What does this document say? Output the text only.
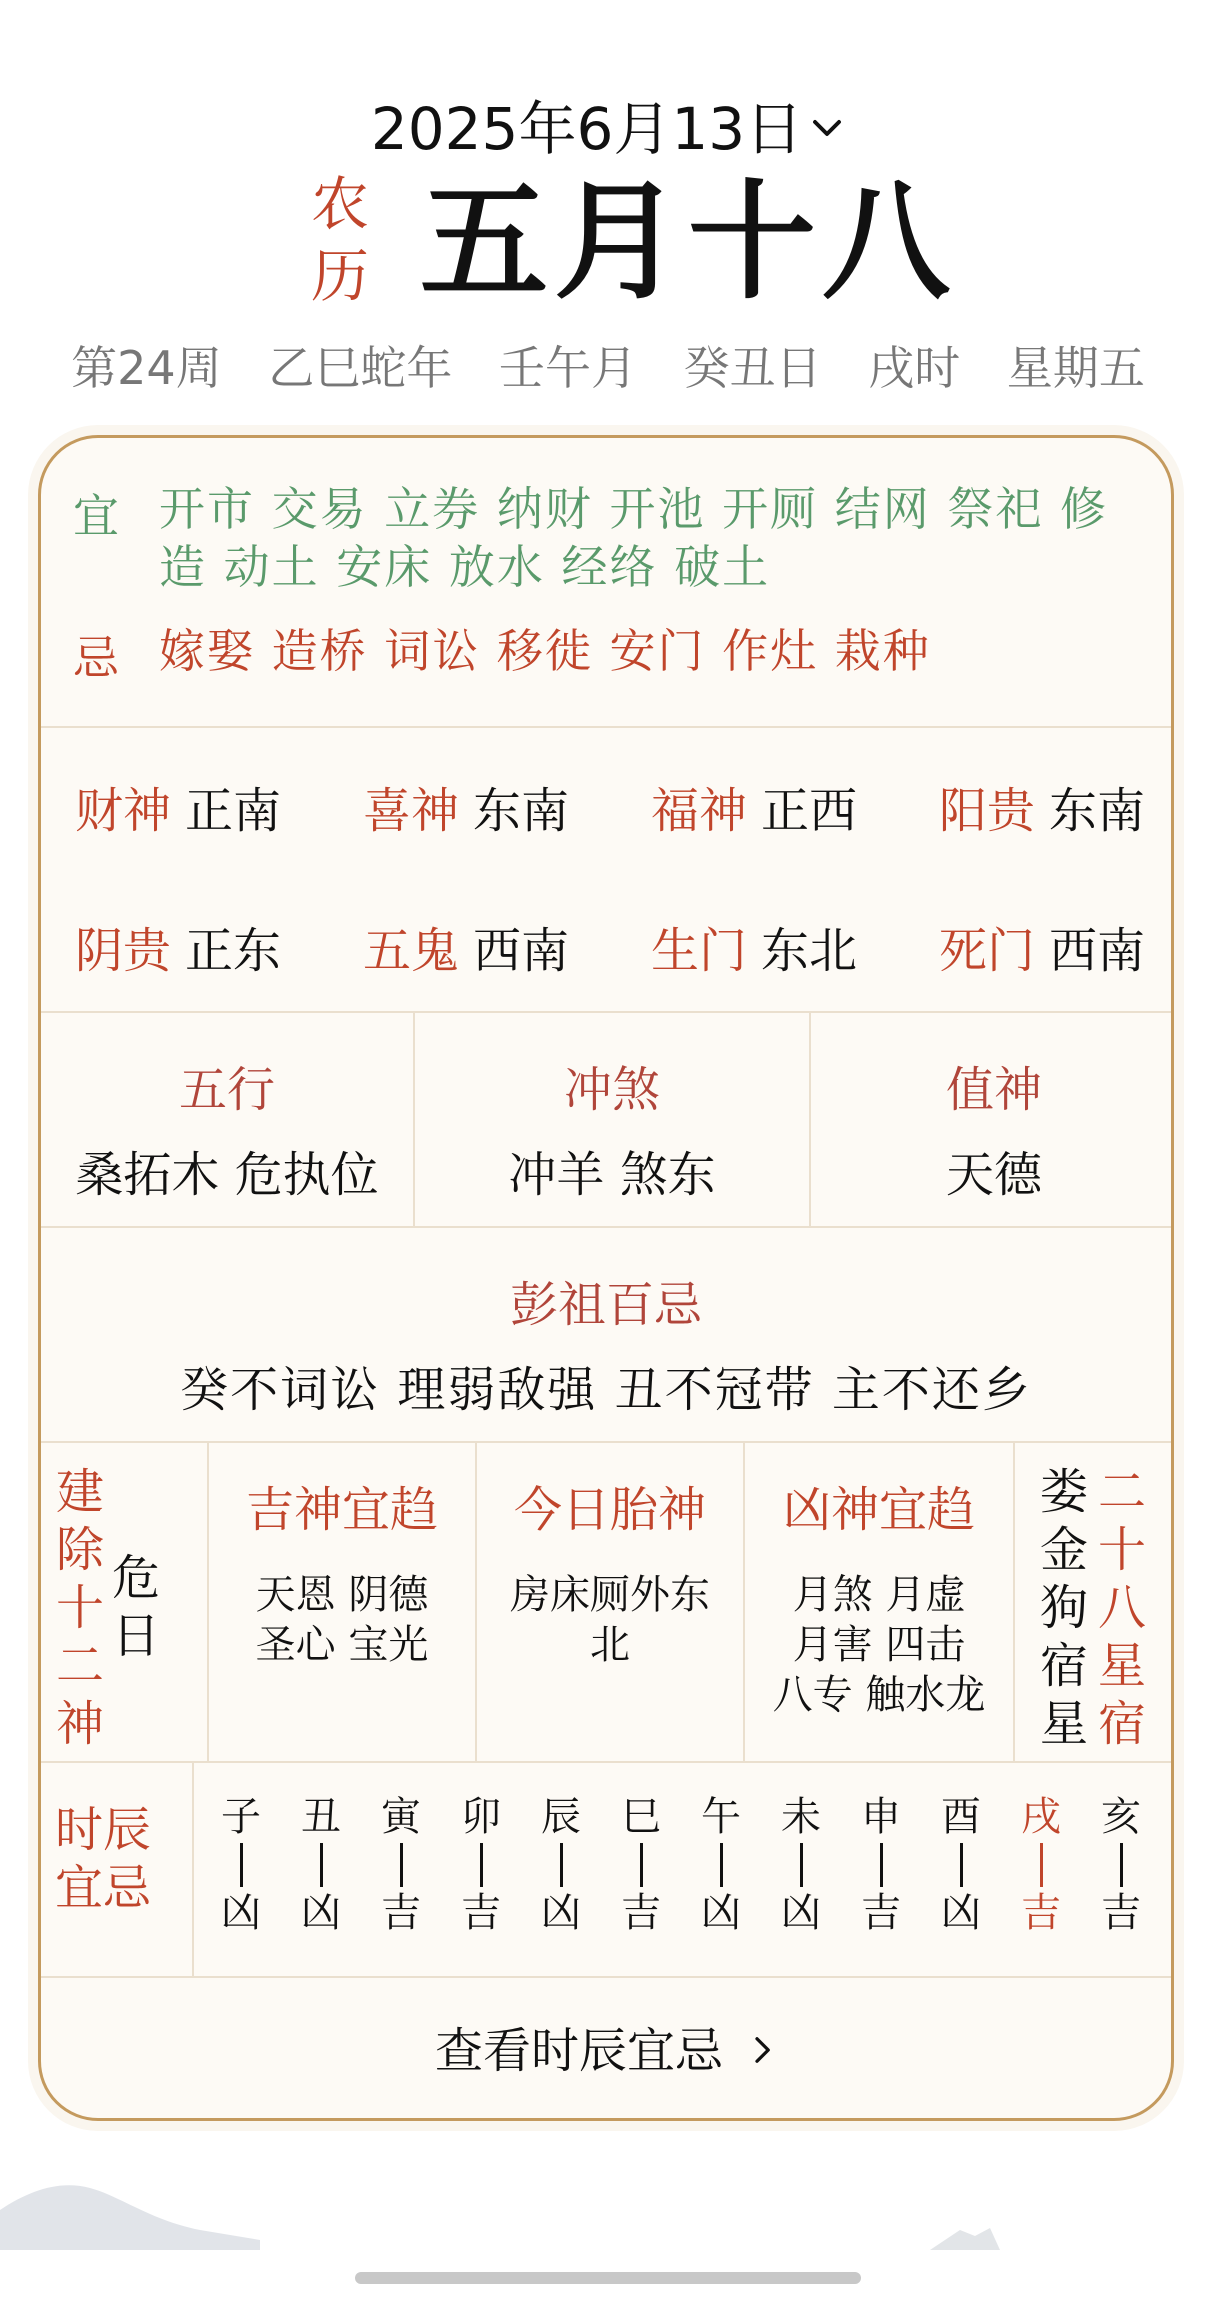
2025年6月13日
农
历 五月十八
第24周 乙巳蛇年 壬午月 癸丑日 戌时 星期五
宜 开市 交易 立券 纳财 开池 开厕 结网 祭祀 修
造 动土 安床 放水 经络 破土
忌 嫁娶 造桥 词讼 移徙 安门 作灶 栽种
财神 正南 喜神 东南 福神 正西 阳贵 东南
阴贵 正东 五鬼 西南 生门 东北 死门 西南
五行
桑拓木 危执位
冲煞
冲羊 煞东
值神
天德
彭祖百忌
癸不词讼 理弱敌强 丑不冠带 主不还乡
建
除
十
二
神
危
日
吉神宜趋
天恩 阴德
圣心 宝光
今日胎神
房床厕外东
北
凶神宜趋
月煞 月虚
月害 四击
八专 触水龙
娄
金
狗
宿
星
二
十
八
星
宿
时辰
宜忌
子
凶
丑
凶
寅
吉
卯
吉
辰
凶
巳
吉
午
凶
未
凶
申
吉
酉
凶
戌
吉
亥
吉
查看时辰宜忌
